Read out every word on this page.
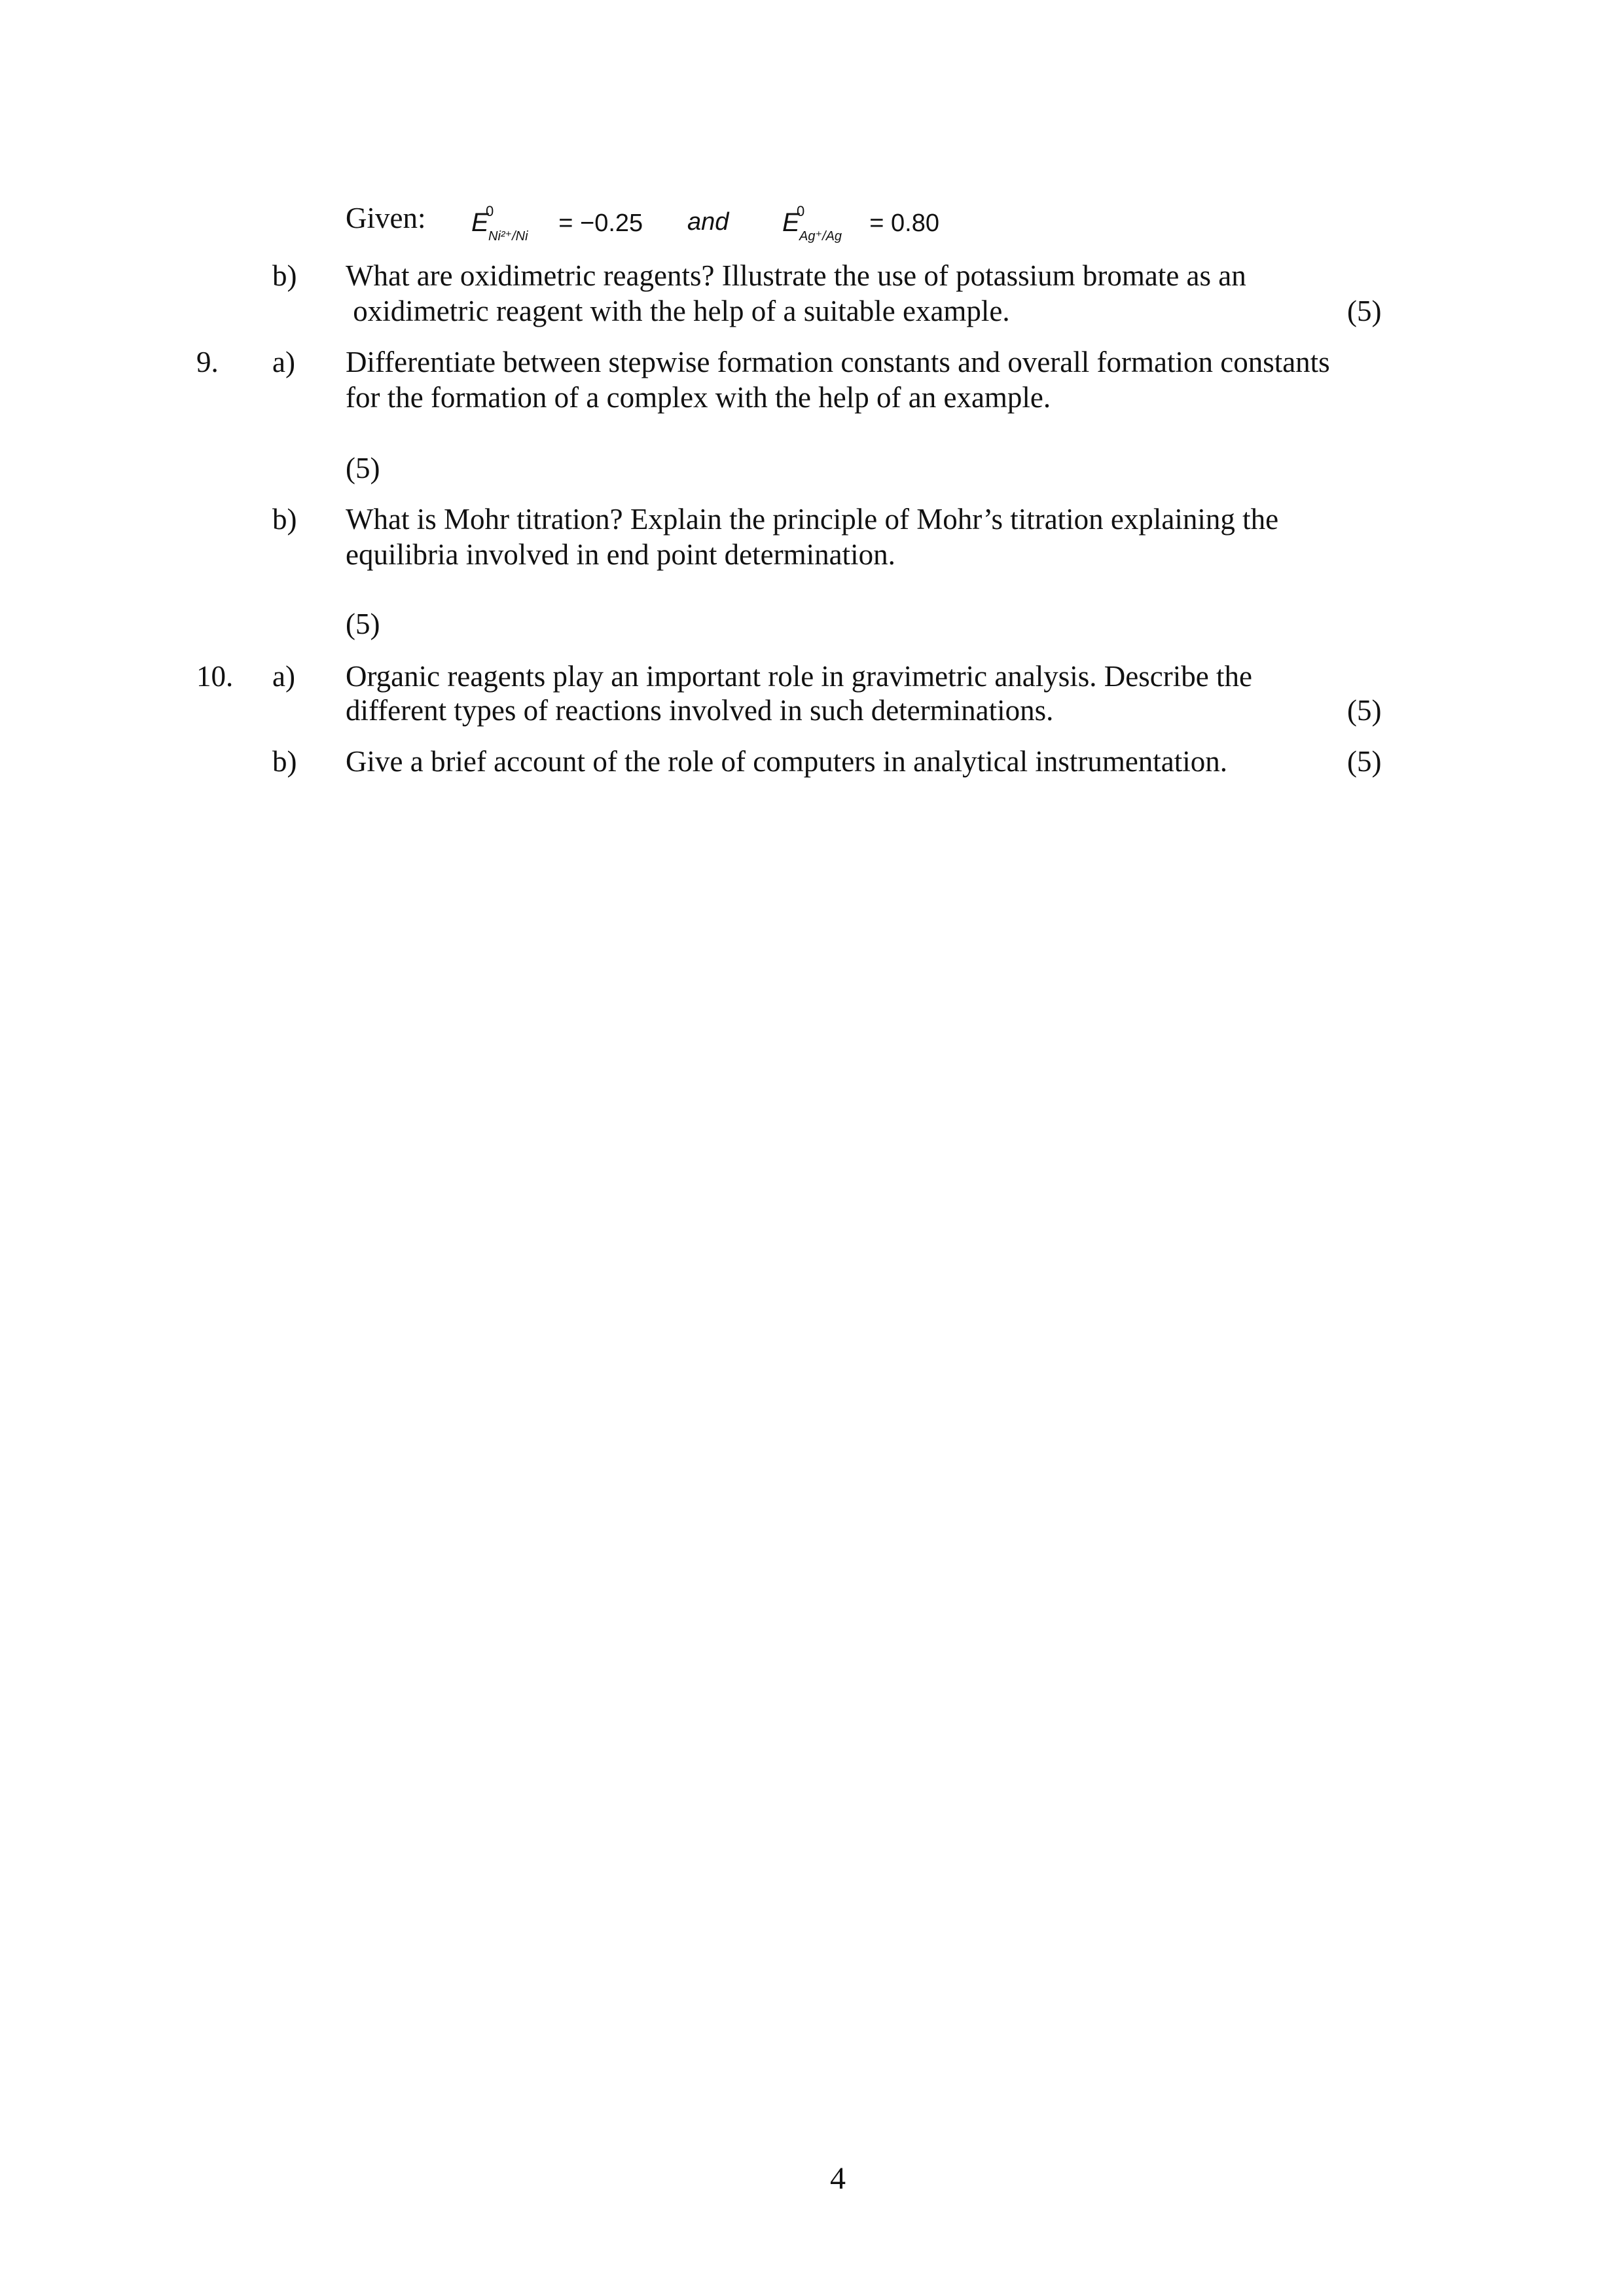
Given: E
0
Ni²⁺/Ni = −0.25 and E
0
Ag⁺/Ag = 0.80
b) What are oxidimetric reagents? Illustrate the use of potassium bromate as an
oxidimetric reagent with the help of a suitable example.	(5)
9. a) Differentiate between stepwise formation constants and overall formation constants
for the formation of a complex with the help of an example.
(5)
b) What is Mohr titration? Explain the principle of Mohr’s titration explaining the
equilibria involved in end point determination.
(5)
10. a) Organic reagents play an important role in gravimetric analysis. Describe the
different types of reactions involved in such determinations.	(5)
b) Give a brief account of the role of computers in analytical instrumentation.	(5)
4
